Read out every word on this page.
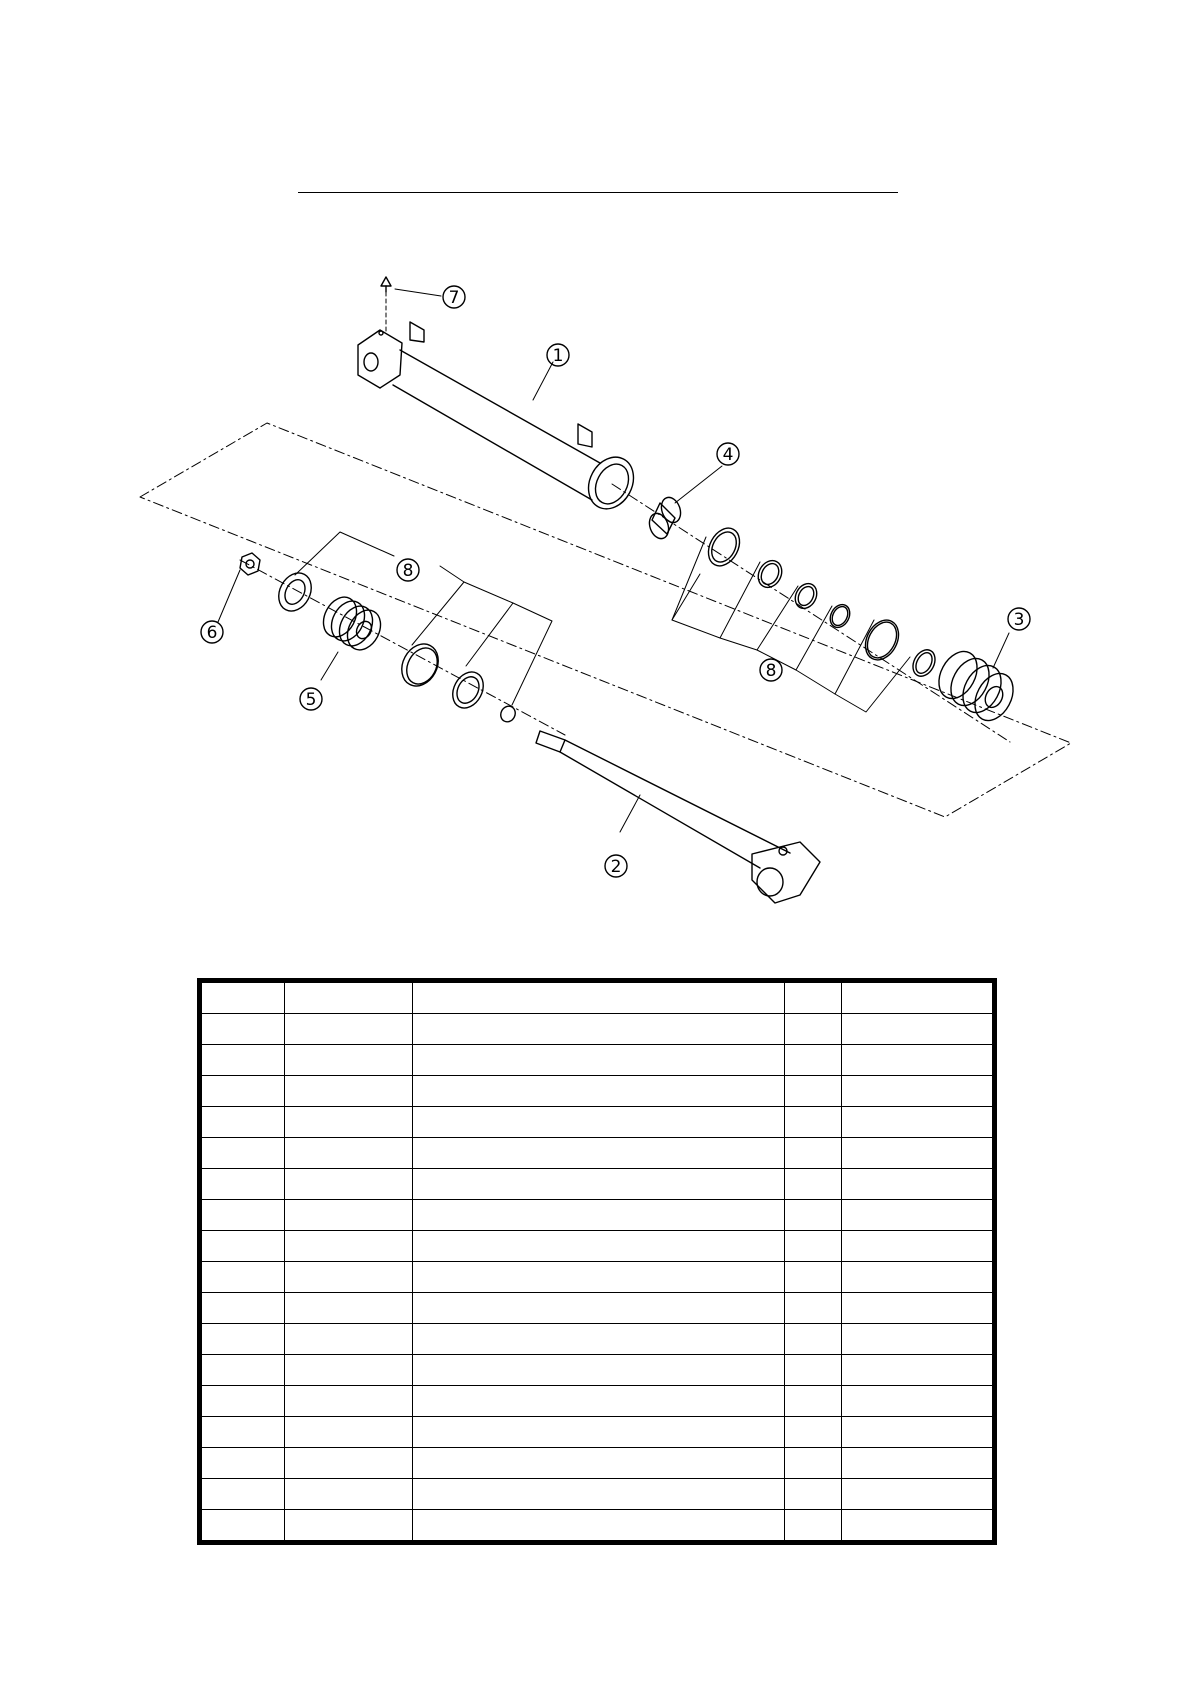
1
2
3
4
5
6
7
8
8
